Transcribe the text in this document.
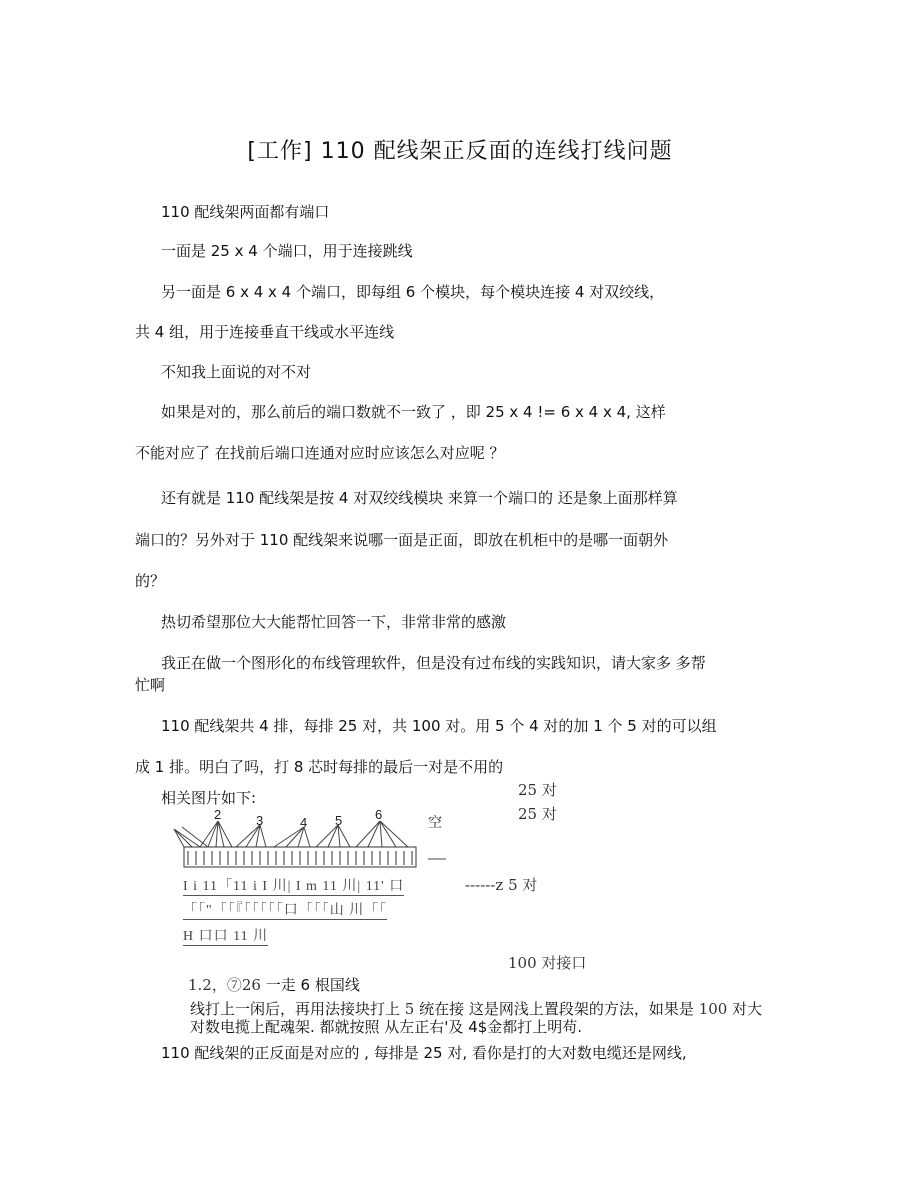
[工作] 110 配线架正反面的连线打线问题
110 配线架两面都有端口
一面是 25 x 4 个端口，用于连接跳线
另一面是 6 x 4 x 4 个端口，即每组 6 个模块，每个模块连接 4 对双绞线，
共 4 组，用于连接垂直干线或水平连线
不知我上面说的对不对
如果是对的，那么前后的端口数就不一致了 ，即 25 x 4 != 6 x 4 x 4, 这样
不能对应了 在找前后端口连通对应时应该怎么对应呢 ？
还有就是 110 配线架是按 4 对双绞线模块 来算一个端口的 还是象上面那样算
端口的？另外对于 110 配线架来说哪一面是正面，即放在机柜中的是哪一面朝外
的？
热切希望那位大大能帮忙回答一下，非常非常的感激
我正在做一个图形化的布线管理软件，但是没有过布线的实践知识，请大家多 多帮
忙啊
110 配线架共 4 排，每排 25 对，共 100 对。用 5 个 4 对的加 1 个 5 对的可以组
成 1 排。明白了吗，打 8 芯时每排的最后一对是不用的
相关图片如下:	25 对
25 对
2	3	4 5	6	空
I i 11「11 i I 川| I m 11 川| 11' 口	------z 5 对
「「"「「『「「「「「口「「「山 川「「
H 口口 11 川
100 对接口
1.2，⑦26 一走 6 根国线
线打上一闲后，再用法接块打上 5 统在接 这是网浅上置段架的方法，如果是 100 对大
对数电揽上配魂架. 都就按照 从左正右'及 4$金都打上明苟.
110 配线架的正反面是对应的 , 每排是 25 对, 看你是打的大对数电缆还是网线,
